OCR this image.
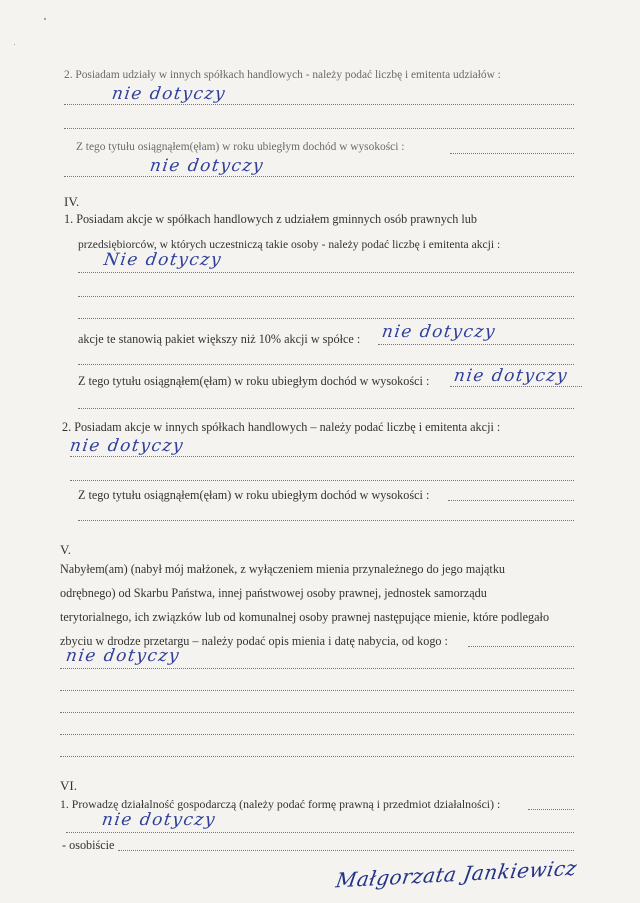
2. Posiadam udziały w innych spółkach handlowych - należy podać liczbę i emitenta udziałów :
nie dotyczy
Z tego tytułu osiągnąłem(ęłam) w roku ubiegłym dochód w wysokości :
nie dotyczy
IV.
1. Posiadam akcje w spółkach handlowych z udziałem gminnych osób prawnych lub
przedsiębiorców, w których uczestniczą takie osoby - należy podać liczbę i emitenta akcji :
Nie dotyczy
akcje te stanowią pakiet większy niż 10% akcji w spółce : nie dotyczy
Z tego tytułu osiągnąłem(ęłam) w roku ubiegłym dochód w wysokości : nie dotyczy
2. Posiadam akcje w innych spółkach handlowych – należy podać liczbę i emitenta akcji :
nie dotyczy
Z tego tytułu osiągnąłem(ęłam) w roku ubiegłym dochód w wysokości :
V.
Nabyłem(am) (nabył mój małżonek, z wyłączeniem mienia przynależnego do jego majątku
odrębnego) od Skarbu Państwa, innej państwowej osoby prawnej, jednostek samorządu
terytorialnego, ich związków lub od komunalnej osoby prawnej następujące mienie, które podlegało
zbyciu w drodze przetargu – należy podać opis mienia i datę nabycia, od kogo :
nie dotyczy
VI.
1. Prowadzę działalność gospodarczą (należy podać formę prawną i przedmiot działalności) :
nie dotyczy
- osobiście
Małgorzata Jankiewicz
